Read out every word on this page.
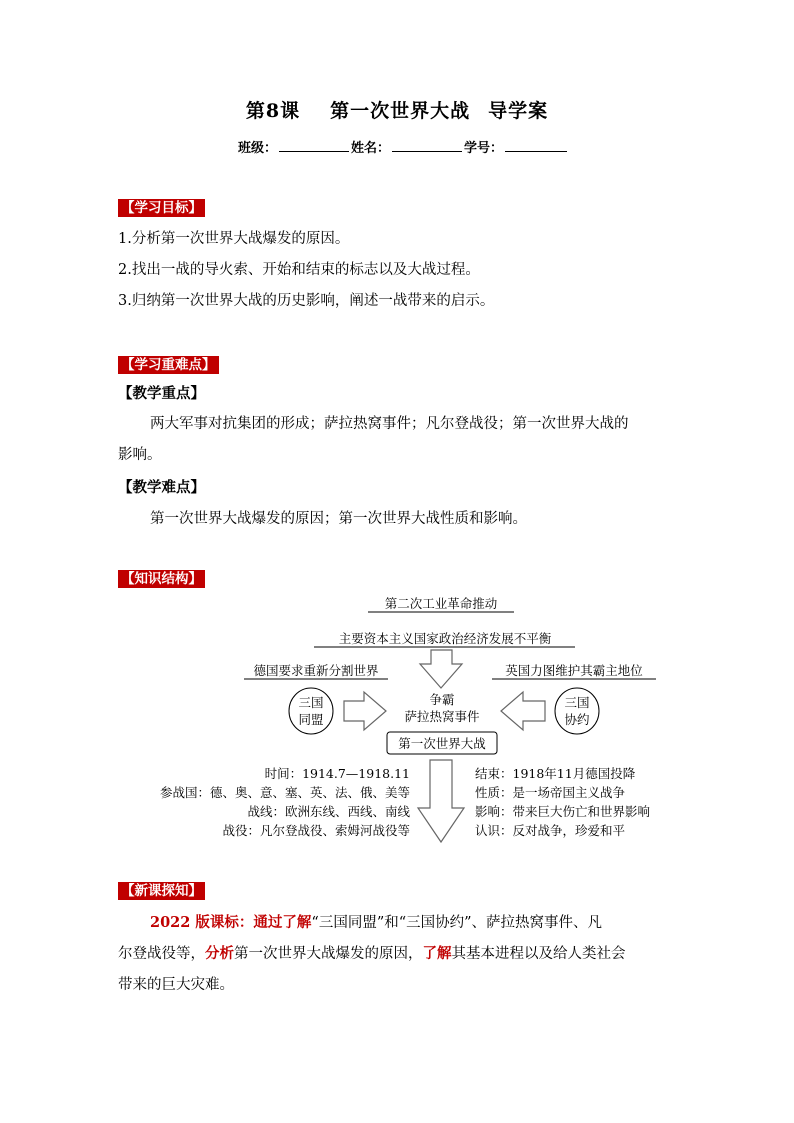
第8课 第一次世界大战 导学案
班级：	姓名：	学号：
【学习目标】
1.分析第一次世界大战爆发的原因。
2.找出一战的导火索、开始和结束的标志以及大战过程。
3.归纳第一次世界大战的历史影响，阐述一战带来的启示。
【学习重难点】
【教学重点】
两大军事对抗集团的形成；萨拉热窝事件；凡尔登战役；第一次世界大战的
影响。
【教学难点】
第一次世界大战爆发的原因；第一次世界大战性质和影响。
【知识结构】
第二次工业革命推动
主要资本主义国家政治经济发展不平衡
德国要求重新分割世界	英国力图维护其霸主地位
三国
同盟
三国
协约
争霸
萨拉热窝事件
第一次世界大战
时间：1914.7—1918.11
参战国：德、奥、意、塞、英、法、俄、美等
战线：欧洲东线、西线、南线
战役：凡尔登战役、索姆河战役等
结束：1918年11月德国投降
性质：是一场帝国主义战争
影响：带来巨大伤亡和世界影响
认识：反对战争，珍爱和平
【新课探知】
2022 版课标：通过了解“三国同盟”和“三国协约”、萨拉热窝事件、凡
尔登战役等，分析第一次世界大战爆发的原因，了解其基本进程以及给人类社会
带来的巨大灾难。
